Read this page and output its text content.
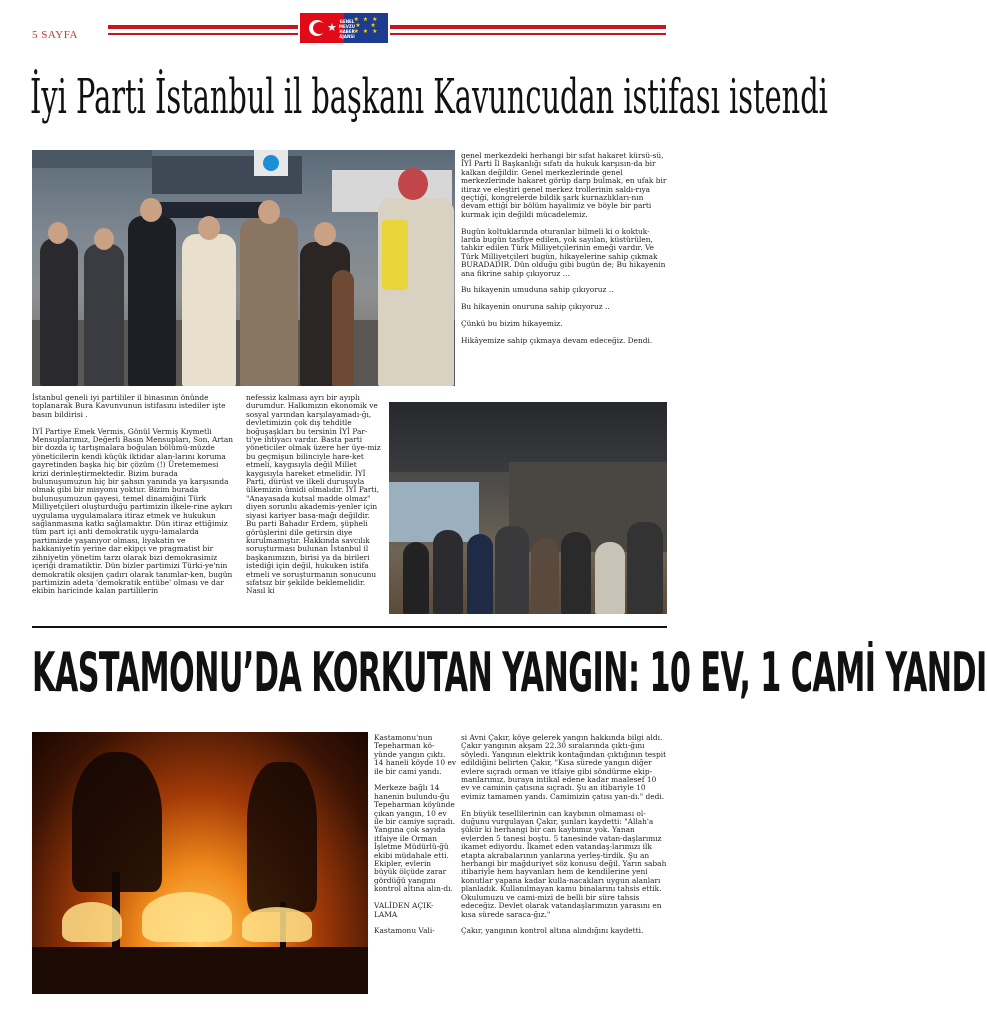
5 SAYFA
★
★ ★ ★
★   ★
★ ★ ★
GENEL MEVZU HABER AJANSI
İyi Parti İstanbul il başkanı Kavuncudan istifası istendi

genel merkezdeki herhangi bir sıfat hakaret kürsü-sü, İYİ Parti İl Başkanlığı sıfatı da hukuk karşısın-da bir kalkan değildir. Genel merkezlerinde genel merkezlerinde hakaret görüp darp bulmak, en ufak bir itiraz ve eleştiri genel merkez trollerinin saldı-rıya geçtiği, kongrelerde bildik şark kurnazlıkları-nın devam ettiği bir bölüm hayalimiz ve böyle bir parti kurmak için değildi mücadelemiz.

Bugün koltuklarında oturanlar bilmeli ki o koktuk-larda bugün tasfiye edilen, yok sayılan, küstürülen, tahkir edilen Türk Milliyetçilerinin emeği vardır. Ve Türk Milliyetçileri bugün, hikayelerine sahip çıkmak BURADADIR. Dün olduğu gibi bugün de; Bu hikayenin ana fikrine sahip çıkıyoruz …

Bu hikayenin umuduna sahip çıkıyoruz ..

Bu hikayenin onuruna sahip çıkıyoruz ..

Çünkü bu bizim hikayemiz.

Hikâyemize sahip çıkmaya devam edeceğiz. Dendi.

İstanbul geneli iyi partililer il binasının önünde toplanarak Bura Kavunvunun istifasını istediler işte basın bildirisi .

İYİ Partiye Emek Vermis, Gönül Vermiş Kıymetli Mensuplarımız, Değerli Basın Mensupları, Son, Artan bir dozda iç tartışmalara boğulan bölümü-müzde yöneticilerin kendi küçük iktidar alan-larını koruma gayretinden başka hiç bir çözüm (!) Üretememesi krizi derinleştirmektedir. Bizim burada bulunuşumuzun hiç bir şahsın yanında ya karşısında olmak gibi bir misyonu yoktur. Bizim burada bulunuşumuzun gayesi, temel dinamiğini Türk Milliyetçileri oluşturduğu partimizin ilkele-rine aykırı uygulama uygulamalara itiraz etmek ve hukukun sağlanmasına katkı sağlamaktır. Dün itiraz ettiğimiz tüm part içi anti demokratik uygu-lamalarda partimizde yaşanıyor olması, liyakatin ve hakkaniyetin yerine dar ekipçi ve pragmatist bir zihniyetin yönetim tarzı olarak bizi demokrasimiz içeriği dramatiktir. Dün bizler partimizi Türki-ye'nin demokratik oksijen çadırı olarak tanımlar-ken, bugün partimizin adeta 'demokratik entübe' olması ve dar ekibin haricinde kalan partililerin

nefessiz kalması ayrı bir ayıplı durumdur. Halkımızın ekonomik ve sosyal yarından karşılayamadı-ğı, devletimizin çok dış tehditle boğuşaşkları bu tersinin İYİ Par-ti'ye ihtiyacı vardır. Basta parti yöneticiler olmak üzere her üye-miz bu geçmişun bilinciyle hare-ket etmeli, kaygısıyla değil Millet kaygısıyla hareket etmelidir. İYİ Parti, dürüst ve ilkeli duruşuyla ülkemizin ümidi olmalıdır. İYİ Parti, "Anayasada kutsal madde olmaz" diyen sorunlu akademis-yenler için siyasi kariyer basa-mağı değildir. Bu parti Bahadır Erdem, şüpheli görüşlerini dile getirsin diye kurulmamıştır. Hakkında savcılık soruşturması bulunan İstanbul il başkanımızın, birisi ya da birileri istediği için değil, hukuken istifa etmeli ve soruşturmanın sonucunu sıfatsız bir şekilde beklemelidir. Nasıl ki

KASTAMONU’DA KORKUTAN YANGIN: 10 EV, 1 CAMİ YANDI

Kastamonu'nun Tepeharman kö-yünde yangın çıktı. 14 haneli köyde 10 ev ile bir cami yandı.

Merkeze bağlı 14 hanenin bulundu-ğu Tepeharman köyünde çıkan yangın, 10 ev ile bir camiye sıçradı. Yangına çok sayıda itfaiye ile Orman İşletme Müdürlü-ğü ekibi müdahale etti. Ekipler, evlerin büyük ölçüde zarar gördüğü yangını kontrol altına alın-dı.

VALİDEN AÇIK-LAMA

Kastamonu Vali-

si Avni Çakır, köye gelerek yangın hakkında bilgi aldı. Çakır yangının akşam 22.30 sıralarında çıktı-ğını söyledi. Yangının elektrik kontağından çıktığının tespit edildiğini belirten Çakır, "Kısa sürede yangın diğer evlere sıçradı orman ve itfaiye gibi söndürme ekip-manlarımız, buraya intikal edene kadar maalesef 10 ev ve caminin çatısına sıçradı. Şu an itibariyle 10 evimiz tamamen yandı. Camimizin çatısı yan-dı." dedi.

En büyük tesellilerinin can kaybının olmaması ol-duğunu vurgulayan Çakır, şunları kaydetti: "Allah'a şükür ki herhangi bir can kaybımız yok. Yanan evlerden 5 tanesi boştu. 5 tanesinde vatan-daşlarımız ikamet ediyordu. İkamet eden vatandaş-larımızı ilk etapta akrabalarının yanlarına yerleş-tirdik. Şu an herhangi bir mağduriyet söz konusu değil. Yarın sabah itibariyle hem hayvanları hem de kendilerine yeni konutlar yapana kadar kulla-nacakları uygun alanları planladık. Kullanılmayan kamu binalarını tahsis ettik. Okulumuzu ve cami-mizi de belli bir süre tahsis edeceğiz. Devlet olarak vatandaşlarımızın yarasını en kısa sürede saraca-ğız."

Çakır, yangının kontrol altına alındığını kaydetti.
